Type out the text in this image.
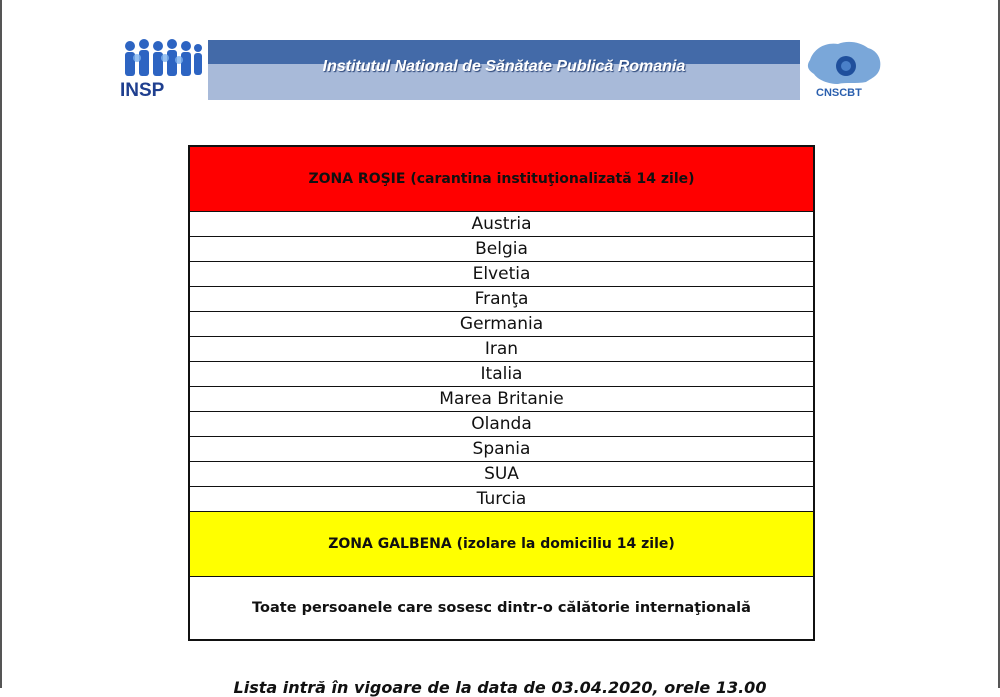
INSP
Institutul National de Sănătate Publică Romania
CNSCBT
ZONA ROŞIE (carantina instituţionalizată 14 zile)
Austria
Belgia
Elvetia
Franţa
Germania
Iran
Italia
Marea Britanie
Olanda
Spania
SUA
Turcia
ZONA GALBENA (izolare la domiciliu 14 zile)
Toate persoanele care sosesc dintr-o călătorie internaţională
Lista intră în vigoare de la data de 03.04.2020, orele 13.00
